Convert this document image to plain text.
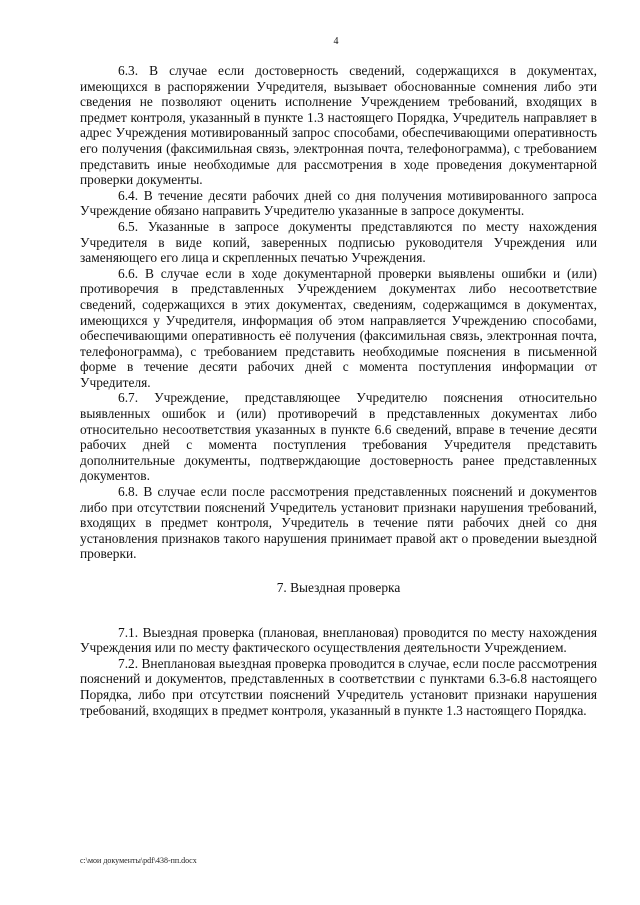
4

6.3. В случае если достоверность сведений, содержащихся в документах, имеющихся в распоряжении Учредителя, вызывает обоснованные сомнения либо эти сведения не позволяют оценить исполнение Учреждением требований, входящих в предмет контроля, указанный в пункте 1.3 настоящего Порядка, Учредитель направляет в адрес Учреждения мотивированный запрос способами, обеспечивающими оперативность его получения (факсимильная связь, электронная почта, телефонограмма), с требованием представить иные необходимые для рассмотрения в ходе проведения документарной проверки документы.

6.4. В течение десяти рабочих дней со дня получения мотивированного запроса Учреждение обязано направить Учредителю указанные в запросе документы.

6.5. Указанные в запросе документы представляются по месту нахождения Учредителя в виде копий, заверенных подписью руководителя Учреждения или заменяющего его лица и скрепленных печатью Учреждения.

6.6. В случае если в ходе документарной проверки выявлены ошибки и (или) противоречия в представленных Учреждением документах либо несоответствие сведений, содержащихся в этих документах, сведениям, содержащимся в документах, имеющихся у Учредителя, информация об этом направляется Учреждению способами, обеспечивающими оперативность её получения (факсимильная связь, электронная почта, телефонограмма), с требованием представить необходимые пояснения в письменной форме в течение десяти рабочих дней с момента поступления информации от Учредителя.

6.7. Учреждение, представляющее Учредителю пояснения относительно выявленных ошибок и (или) противоречий в представленных документах либо относительно несоответствия указанных в пункте 6.6 сведений, вправе в течение десяти рабочих дней с момента поступления требования Учредителя представить дополнительные документы, подтверждающие достоверность ранее представленных документов.

6.8. В случае если после рассмотрения представленных пояснений и документов либо при отсутствии пояснений Учредитель установит признаки нарушения требований, входящих в предмет контроля, Учредитель в течение пяти рабочих дней со дня установления признаков такого нарушения принимает правой акт о проведении выездной проверки.

7. Выездная проверка

7.1. Выездная проверка (плановая, внеплановая) проводится по месту нахождения Учреждения или по месту фактического осуществления деятельности Учреждением.

7.2. Внеплановая выездная проверка проводится в случае, если после рассмотрения пояснений и документов, представленных в соответствии с пунктами 6.3-6.8 настоящего Порядка, либо при отсутствии пояснений Учредитель установит признаки нарушения требований, входящих в предмет контроля, указанный в пункте 1.3 настоящего Порядка.

c:\мои документы\pdf\438-пп.docx
